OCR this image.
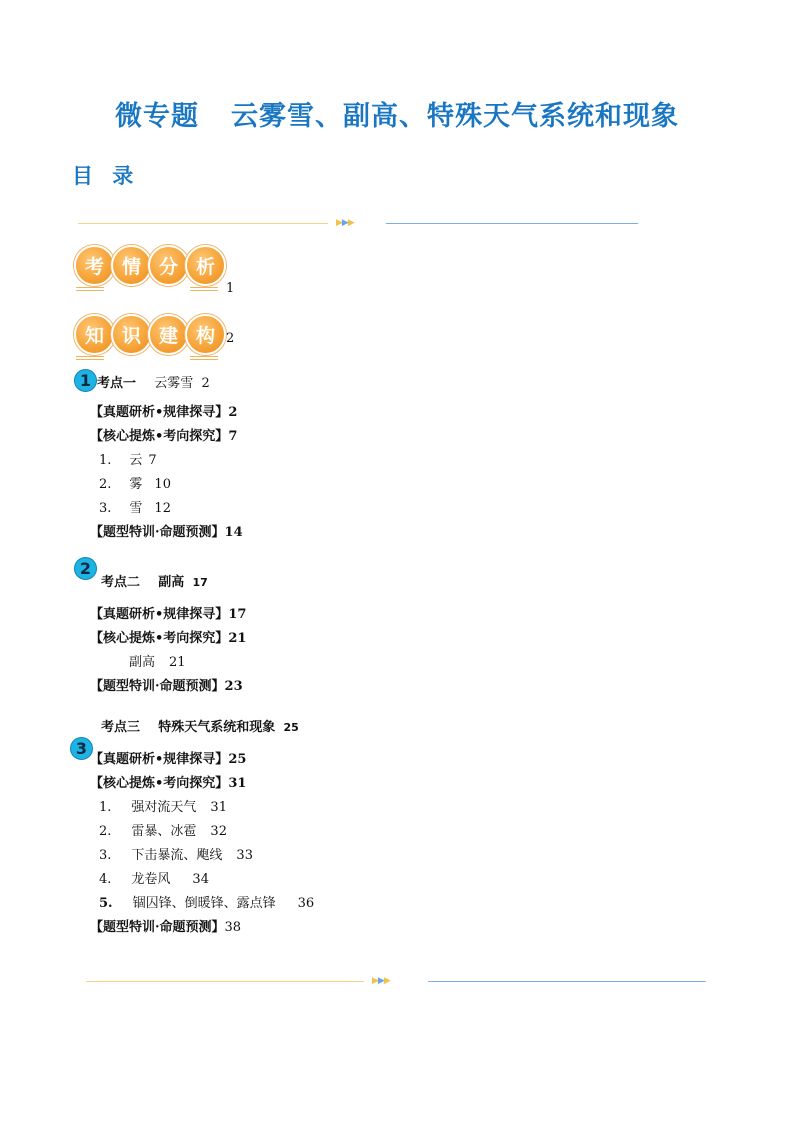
微专题 云雾雪、副高、特殊天气系统和现象
目 录
▶▶▶
考 情 分 析
1
知 识 建 构 2
1 考点一 云雾雪 2
【真题研析•规律探寻】2
【核心提炼•考向探究】7
1. 云 7
2. 雾 10
3. 雪 12
【题型特训·命题预测】14
2
考点二 副高 17
【真题研析•规律探寻】17
【核心提炼•考向探究】21
副高 21
【题型特训·命题预测】23
考点三 特殊天气系统和现象 25
3
【真题研析•规律探寻】25
【核心提炼•考向探究】31
1. 强对流天气 31
2. 雷暴、冰雹 32
3. 下击暴流、飑线 33
4. 龙卷风 34
5. 锢囚锋、倒暖锋、露点锋 36
【题型特训·命题预测】38
▶▶▶
